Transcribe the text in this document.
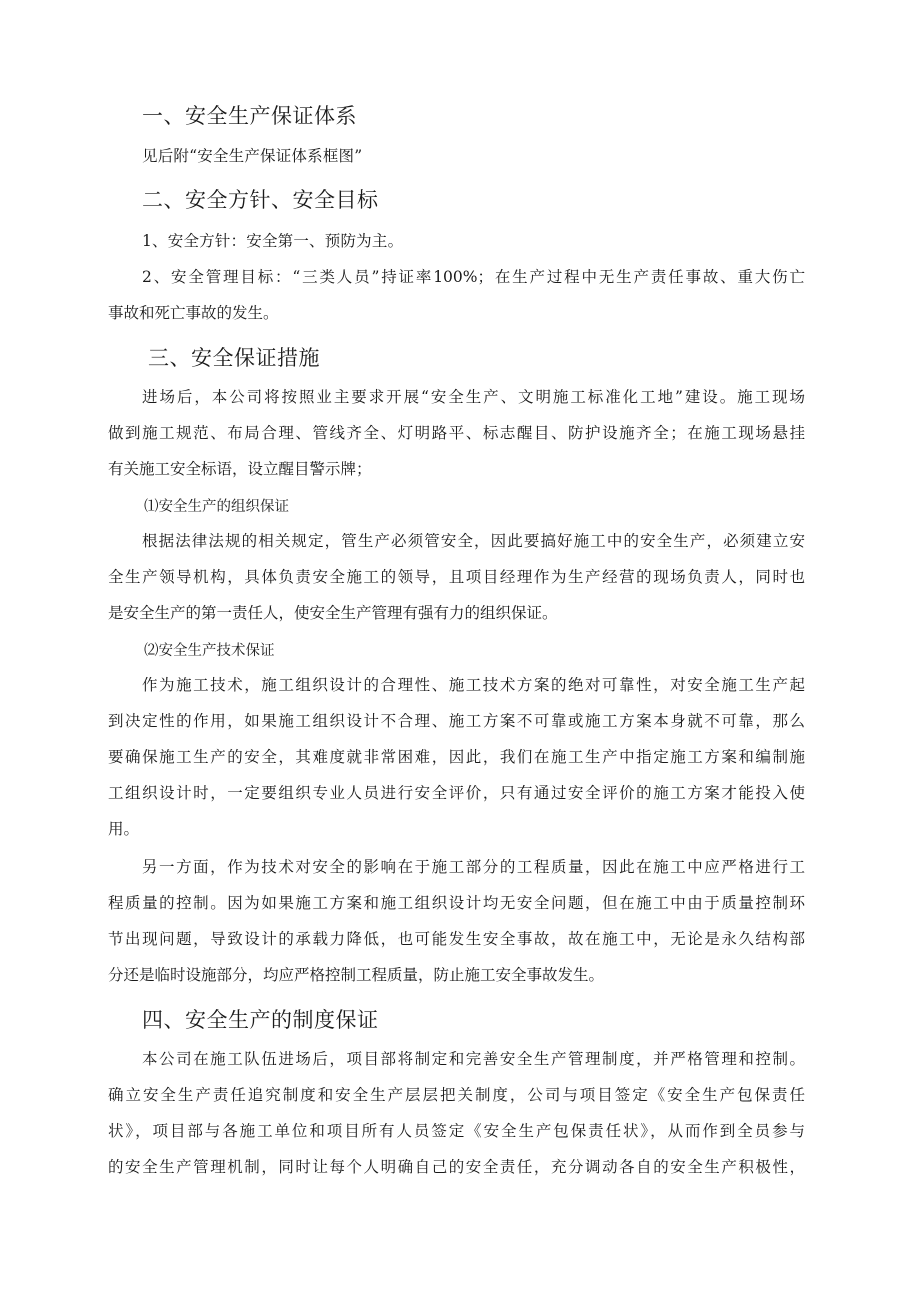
一、安全生产保证体系
见后附“安全生产保证体系框图”
二、安全方针、安全目标
1、安全方针：安全第一、预防为主。
2、安全管理目标：“三类人员”持证率100%；在生产过程中无生产责任事故、重大伤亡
事故和死亡事故的发生。
三、安全保证措施
进场后，本公司将按照业主要求开展“安全生产、文明施工标准化工地”建设。施工现场
做到施工规范、布局合理、管线齐全、灯明路平、标志醒目、防护设施齐全；在施工现场悬挂
有关施工安全标语，设立醒目警示牌；
⑴安全生产的组织保证
根据法律法规的相关规定，管生产必须管安全，因此要搞好施工中的安全生产，必须建立安
全生产领导机构，具体负责安全施工的领导，且项目经理作为生产经营的现场负责人，同时也
是安全生产的第一责任人，使安全生产管理有强有力的组织保证。
⑵安全生产技术保证
作为施工技术，施工组织设计的合理性、施工技术方案的绝对可靠性，对安全施工生产起
到决定性的作用，如果施工组织设计不合理、施工方案不可靠或施工方案本身就不可靠，那么
要确保施工生产的安全，其难度就非常困难，因此，我们在施工生产中指定施工方案和编制施
工组织设计时，一定要组织专业人员进行安全评价，只有通过安全评价的施工方案才能投入使
用。
另一方面，作为技术对安全的影响在于施工部分的工程质量，因此在施工中应严格进行工
程质量的控制。因为如果施工方案和施工组织设计均无安全问题，但在施工中由于质量控制环
节出现问题，导致设计的承载力降低，也可能发生安全事故，故在施工中，无论是永久结构部
分还是临时设施部分，均应严格控制工程质量，防止施工安全事故发生。
四、安全生产的制度保证
本公司在施工队伍进场后，项目部将制定和完善安全生产管理制度，并严格管理和控制。
确立安全生产责任追究制度和安全生产层层把关制度，公司与项目签定《安全生产包保责任
状》，项目部与各施工单位和项目所有人员签定《安全生产包保责任状》，从而作到全员参与
的安全生产管理机制，同时让每个人明确自己的安全责任，充分调动各自的安全生产积极性，
